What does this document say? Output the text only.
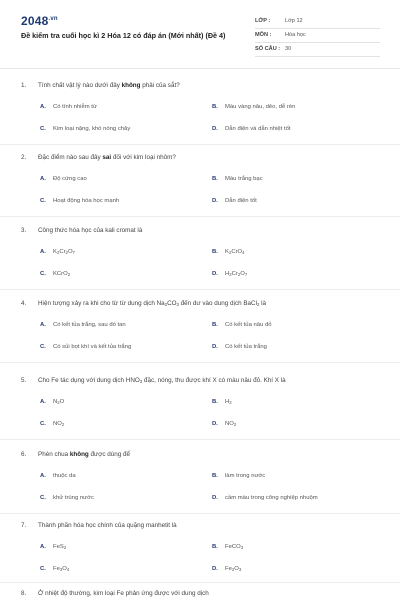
$2048^{.vn}$
Đề kiểm tra cuối học kì 2 Hóa 12 có đáp án (Mới nhất) (Đề 4)
LỚP :	Lớp 12
MÔN : Hóa học
SỐ CÂU : 30
1. Tính chất vật lý nào dưới đây không phải của sắt?
A. Có tính nhiễm từ	B. Màu vàng nâu, dẻo, dễ rèn
C. Kim loại nặng, khó nóng chảy	D. Dẫn điện và dẫn nhiệt tốt
2. Đặc điểm nào sau đây sai đối với kim loại nhôm?
A. Độ cứng cao	B. Màu trắng bạc
C. Hoạt động hóa học mạnh	D. Dẫn điện tốt
3. Công thức hóa học của kali cromat là
A. $K_2Cr_2O_7$	B. $K_2CrO_4$
C. KCrO$_2$	D. $H_2Cr_2O_7$
4. Hiện tượng xảy ra khi cho từ từ dung dịch $Na_2CO_3$ đến dư vào dung dịch BaCl$_2$ là
A. Có kết tủa trắng, sau đó tan	B. Có kết tủa nâu đỏ
C. Có sủi bọt khí và kết tủa trắng	D. Có kết tủa trắng
5. Cho Fe tác dụng với dung dịch $HNO_3$ đặc, nóng, thu được khí X có màu nâu đỏ. Khí X là
A. $N_2O$	B. $H_2$
C. $NO_2$	D. $NO_2$
6. Phèn chua không được dùng để
A. thuộc da	B. làm trong nước
C. khử trùng nước	D. cầm màu trong công nghiệp nhuộm
7. Thành phần hóa học chính của quặng manhetit là
A. FeS$_2$	B. FeCO$_3$
C. $Fe_3O_4$	D. $Fe_2O_3$
8. Ở nhiệt độ thường, kim loại Fe phản ứng được với dung dịch
